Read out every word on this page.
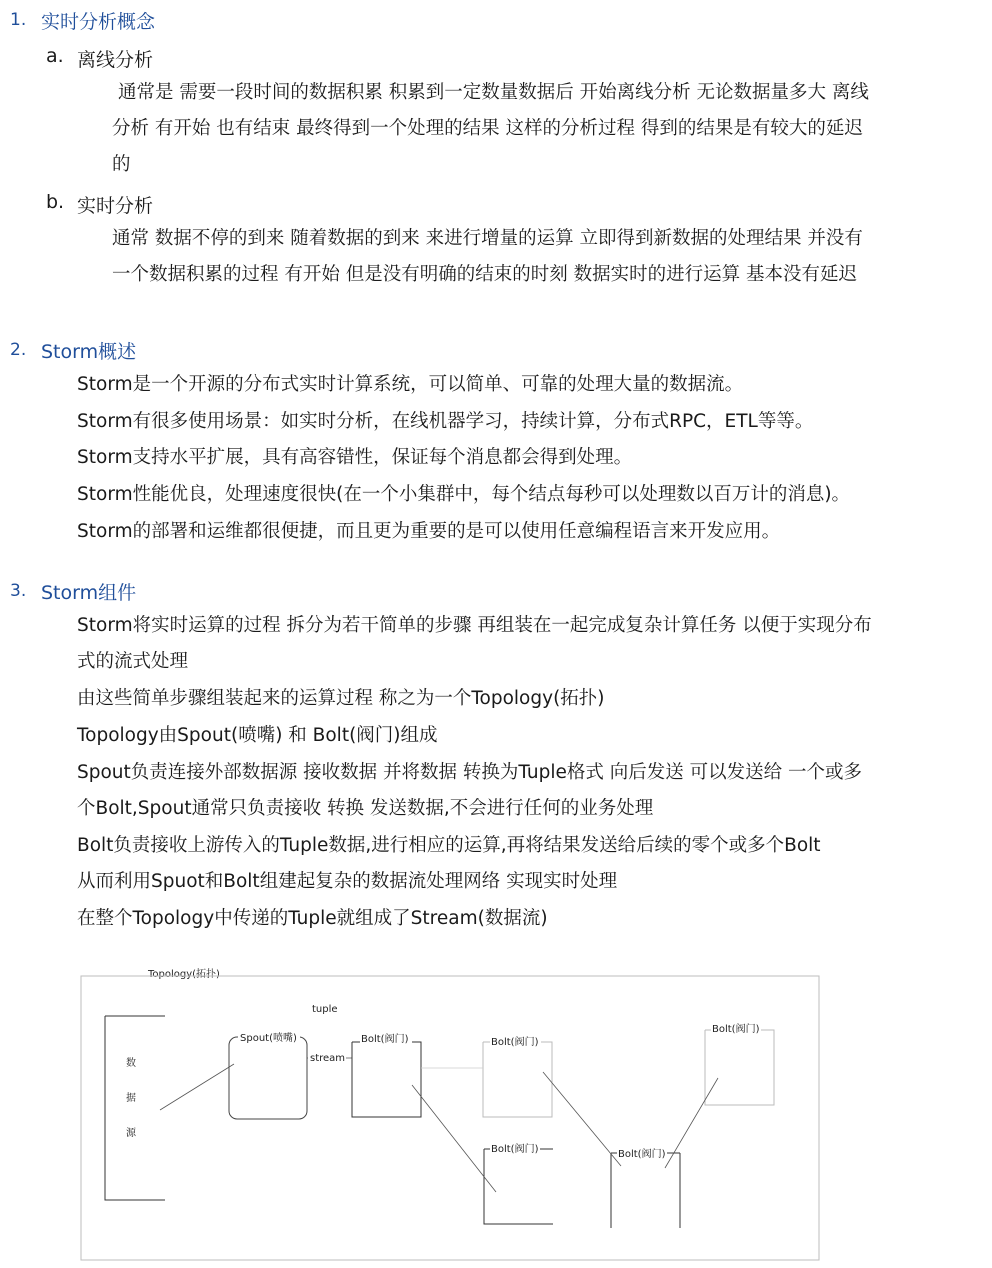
1. 实时分析概念
a. 离线分析
通常是 需要一段时间的数据积累 积累到一定数量数据后 开始离线分析 无论数据量多大 离线
分析 有开始 也有结束 最终得到一个处理的结果 这样的分析过程 得到的结果是有较大的延迟
的
b. 实时分析
通常 数据不停的到来 随着数据的到来 来进行增量的运算 立即得到新数据的处理结果 并没有
一个数据积累的过程 有开始 但是没有明确的结束的时刻 数据实时的进行运算 基本没有延迟
2. Storm概述
Storm是一个开源的分布式实时计算系统，可以简单、可靠的处理大量的数据流。
Storm有很多使用场景：如实时分析，在线机器学习，持续计算，分布式RPC，ETL等等。
Storm支持水平扩展，具有高容错性，保证每个消息都会得到处理。
Storm性能优良，处理速度很快(在一个小集群中，每个结点每秒可以处理数以百万计的消息)。
Storm的部署和运维都很便捷，而且更为重要的是可以使用任意编程语言来开发应用。
3. Storm组件
Storm将实时运算的过程 拆分为若干简单的步骤 再组装在一起完成复杂计算任务 以便于实现分布
式的流式处理
由这些简单步骤组装起来的运算过程 称之为一个Topology(拓扑)
Topology由Spout(喷嘴) 和 Bolt(阀门)组成
Spout负责连接外部数据源 接收数据 并将数据 转换为Tuple格式 向后发送 可以发送给 一个或多
个Bolt,Spout通常只负责接收 转换 发送数据,不会进行任何的业务处理
Bolt负责接收上游传入的Tuple数据,进行相应的运算,再将结果发送给后续的零个或多个Bolt
从而利用Spuot和Bolt组建起复杂的数据流处理网络 实现实时处理
在整个Topology中传递的Tuple就组成了Stream(数据流)
Topology(拓扑)
数
据
源
Spout(喷嘴)
tuple
stream
Bolt(阀门)	Bolt(阀门)
Bolt(阀门)	Bolt(阀门)
Bolt(阀门)
